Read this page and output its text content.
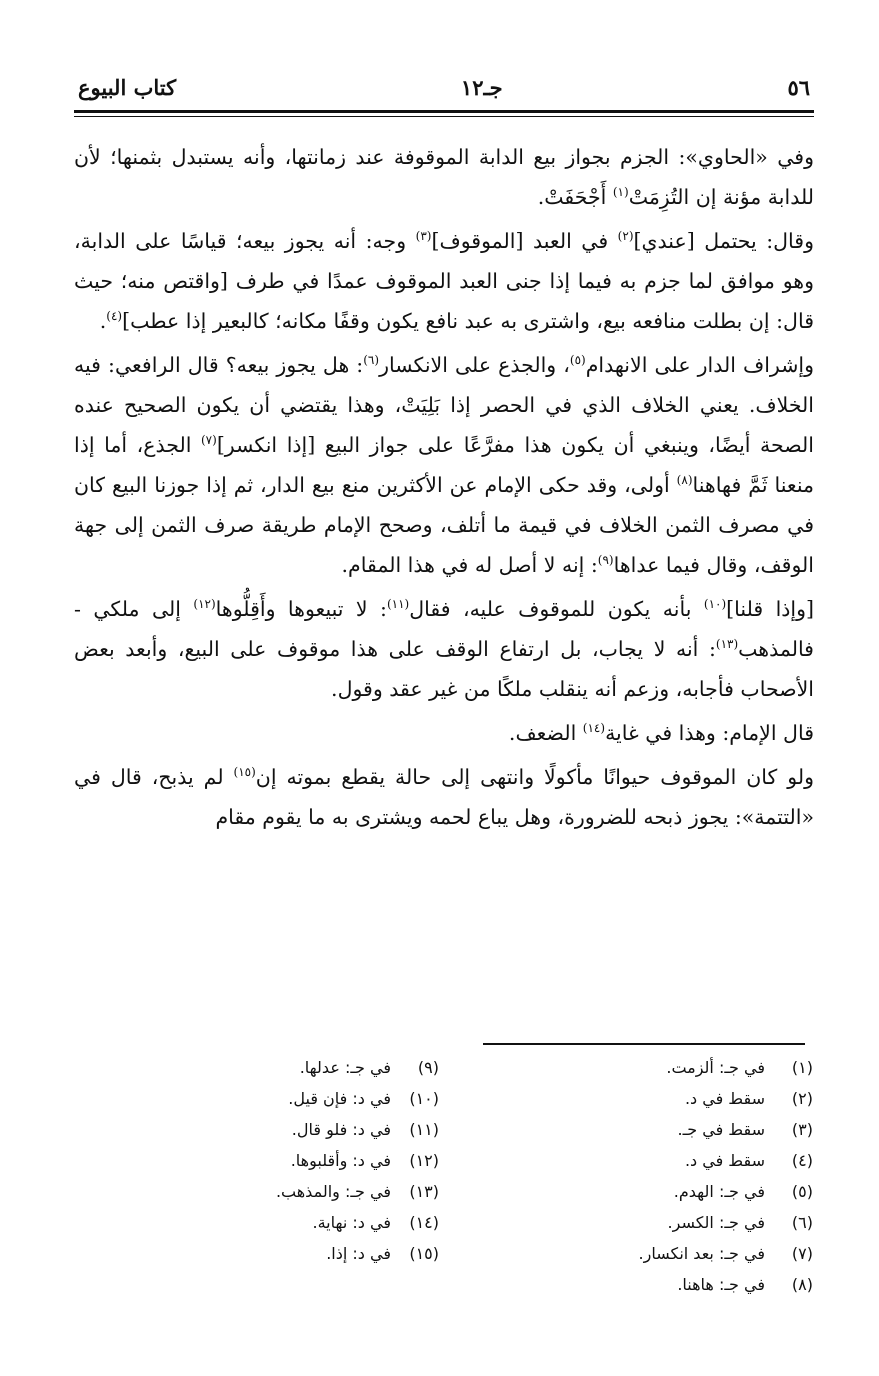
٥٦
جـ١٢
كتاب البيوع

وفي «الحاوي»: الجزم بجواز بيع الدابة الموقوفة عند زمانتها، وأنه يستبدل بثمنها؛ لأن للدابة مؤنة إن التُزِمَتْ$^{(١)}$ أَجْحَفَتْ.

وقال: يحتمل [عندي]$^{(٢)}$ في العبد [الموقوف]$^{(٣)}$ وجه: أنه يجوز بيعه؛ قياسًا على الدابة، وهو موافق لما جزم به فيما إذا جنى العبد الموقوف عمدًا في طرف [واقتص منه؛ حيث قال: إن بطلت منافعه بيع، واشترى به عبد نافع يكون وقفًا مكانه؛ كالبعير إذا عطب]$^{(٤)}$.

وإشراف الدار على الانهدام$^{(٥)}$، والجذع على الانكسار$^{(٦)}$: هل يجوز بيعه؟ قال الرافعي: فيه الخلاف. يعني الخلاف الذي في الحصر إذا بَلِيَتْ، وهذا يقتضي أن يكون الصحيح عنده الصحة أيضًا، وينبغي أن يكون هذا مفرَّعًا على جواز البيع [إذا انكسر]$^{(٧)}$ الجذع، أما إذا منعنا ثَمَّ فهاهنا$^{(٨)}$ أولى، وقد حكى الإمام عن الأكثرين منع بيع الدار، ثم إذا جوزنا البيع كان في مصرف الثمن الخلاف في قيمة ما أتلف، وصحح الإمام طريقة صرف الثمن إلى جهة الوقف، وقال فيما عداها$^{(٩)}$: إنه لا أصل له في هذا المقام.

[وإذا قلنا]$^{(١٠)}$ بأنه يكون للموقوف عليه، فقال$^{(١١)}$: لا تبيعوها وأَقِلُّوها$^{(١٢)}$ إلى ملكي - فالمذهب$^{(١٣)}$: أنه لا يجاب، بل ارتفاع الوقف على هذا موقوف على البيع، وأبعد بعض الأصحاب فأجابه، وزعم أنه ينقلب ملكًا من غير عقد وقول.

قال الإمام: وهذا في غاية$^{(١٤)}$ الضعف.

ولو كان الموقوف حيوانًا مأكولًا وانتهى إلى حالة يقطع بموته إن$^{(١٥)}$ لم يذبح، قال في «التتمة»: يجوز ذبحه للضرورة، وهل يباع لحمه ويشترى به ما يقوم مقام

(١)في جـ: ألزمت.
(٢)سقط في د.
(٣)سقط في جـ.
(٤)سقط في د.
(٥)في جـ: الهدم.
(٦)في جـ: الكسر.
(٧)في جـ: بعد انكسار.
(٨)في جـ: هاهنا.
(٩)في جـ: عدلها.
(١٠)في د: فإن قيل.
(١١)في د: فلو قال.
(١٢)في د: وأقلبوها.
(١٣)في جـ: والمذهب.
(١٤)في د: نهاية.
(١٥)في د: إذا.
